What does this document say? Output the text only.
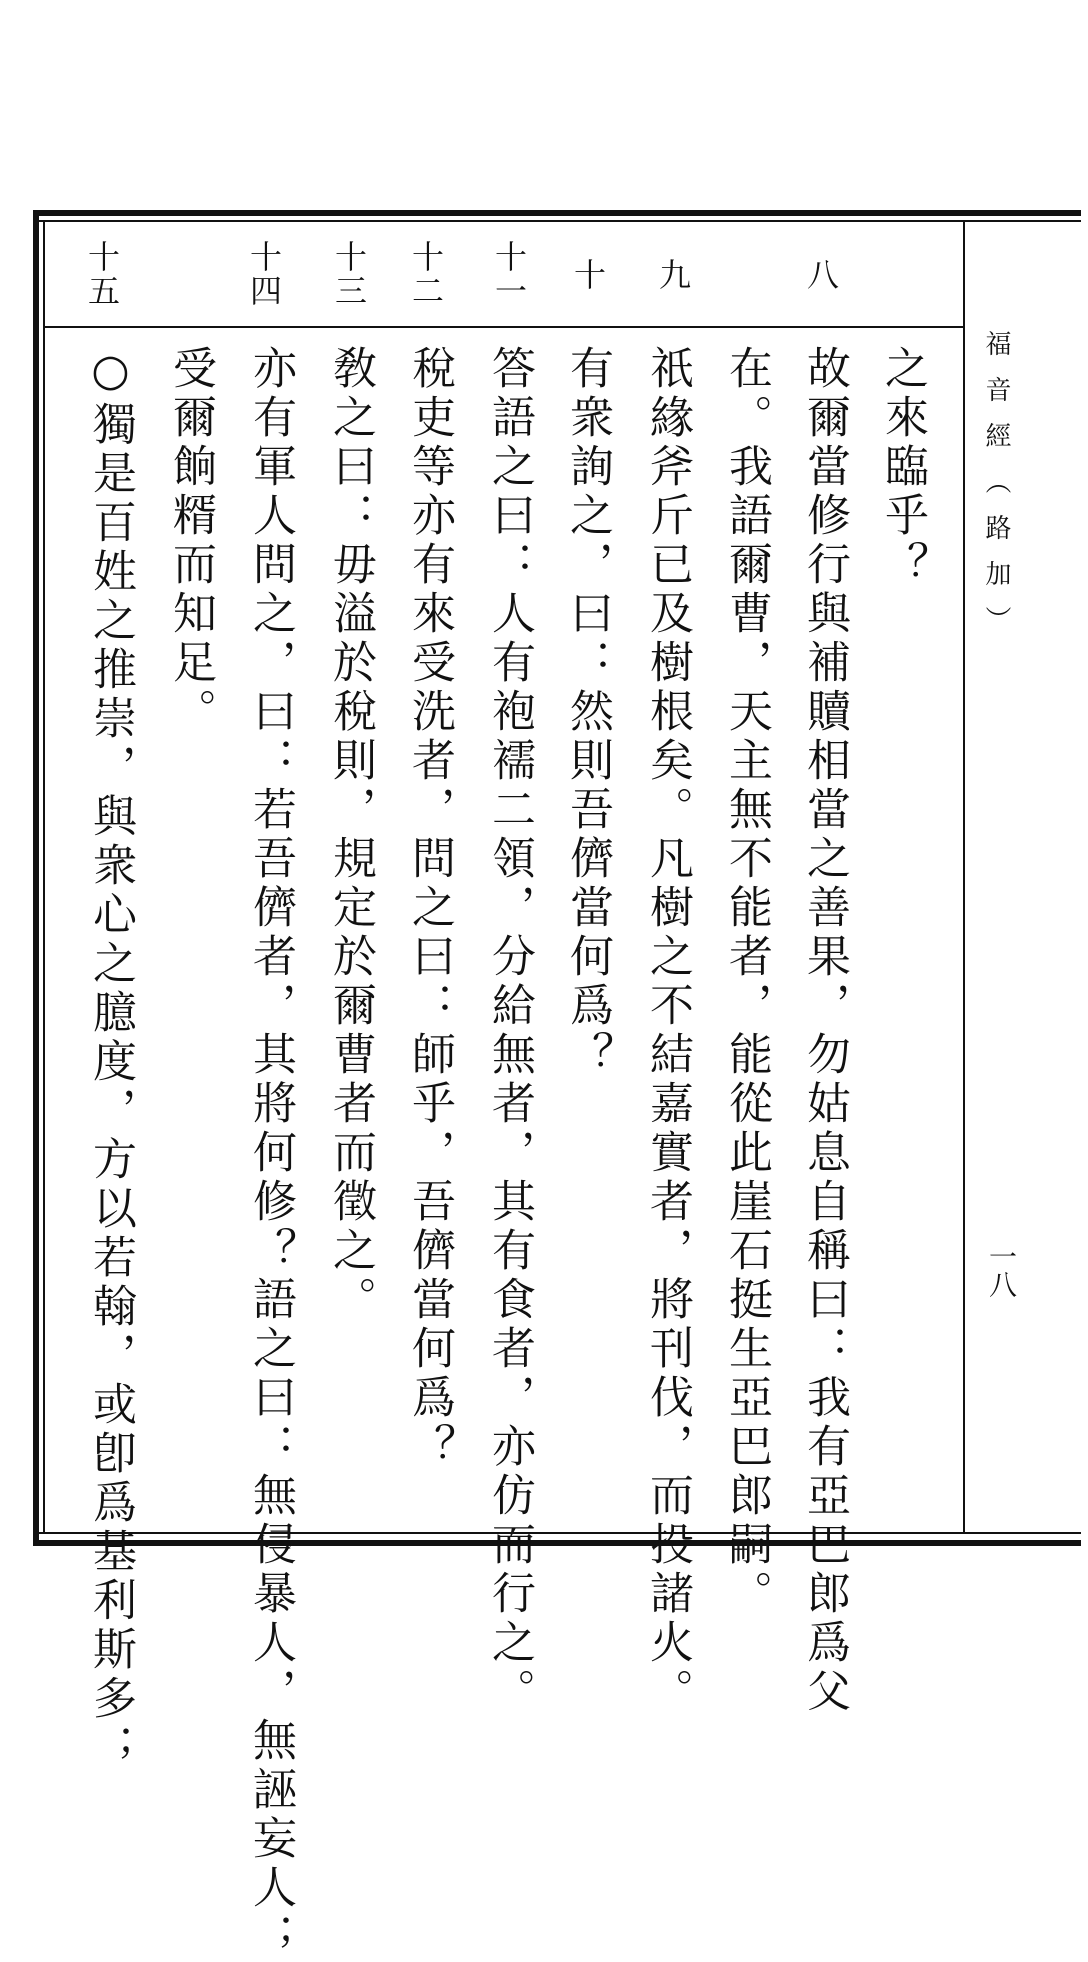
福音經（路加）
一八
八
九
十
十一
十二
十三
十四
十五
之來臨乎？
故爾當修行與補贖相當之善果，勿姑息自稱曰：我有亞巴郎爲父
在。我語爾曹，天主無不能者，能從此崖石挺生亞巴郎嗣。
祇緣斧斤已及樹根矣。凡樹之不結嘉實者，將刊伐，而投諸火。
有衆詢之，曰：然則吾儕當何爲？
答語之曰：人有袍襦二領，分給無者，其有食者，亦仿而行之。
稅吏等亦有來受洗者，問之曰：師乎，吾儕當何爲？
敎之曰：毋溢於稅則，規定於爾曹者而徵之。
亦有軍人問之，曰：若吾儕者，其將何修？語之曰：無侵暴人，無誣妄人；
受爾餉糈而知足。
○獨是百姓之推崇，與衆心之臆度，方以若翰，或卽爲基利斯多；
